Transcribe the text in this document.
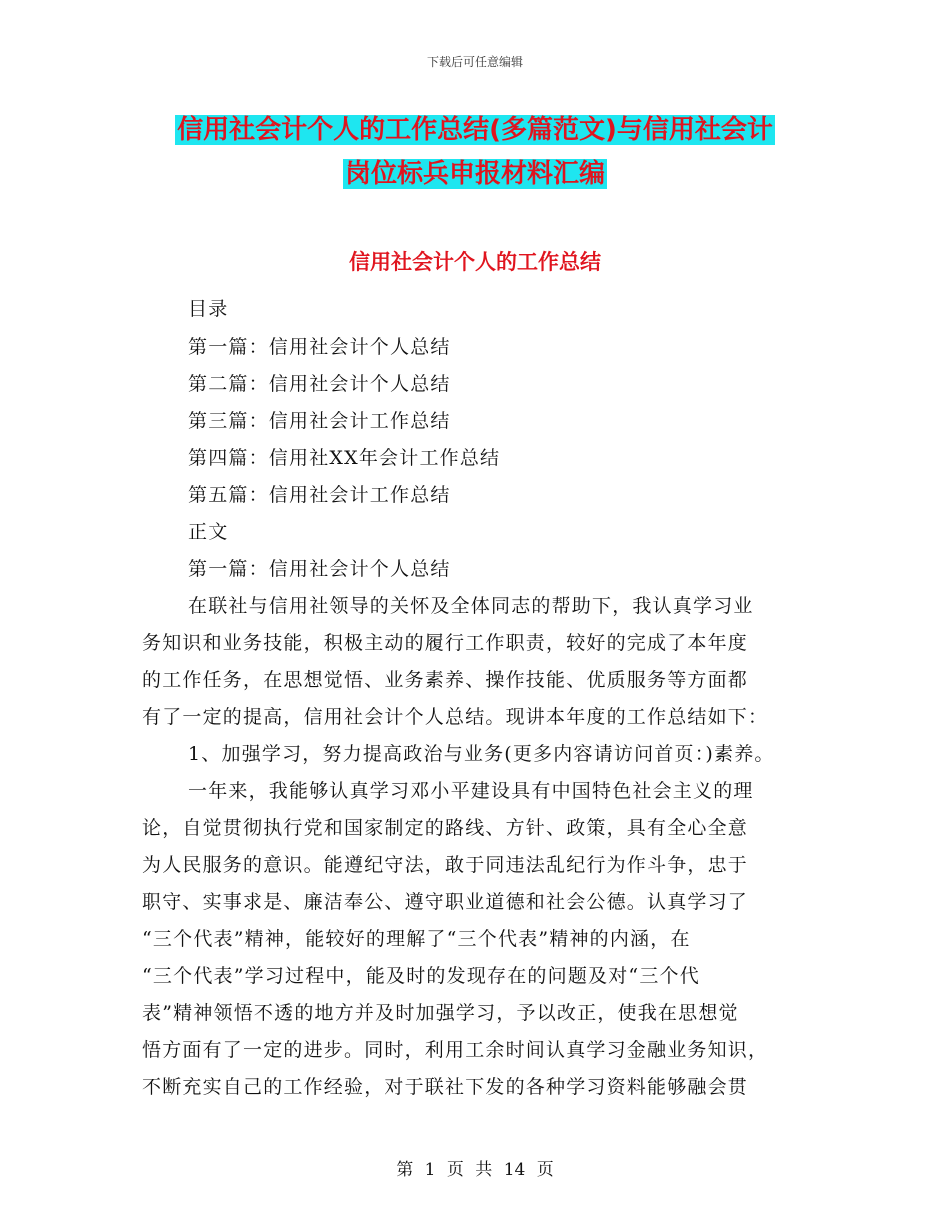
下载后可任意编辑
信用社会计个人的工作总结(多篇范文)与信用社会计
岗位标兵申报材料汇编
信用社会计个人的工作总结
目录
第一篇：信用社会计个人总结
第二篇：信用社会计个人总结
第三篇：信用社会计工作总结
第四篇：信用社XX年会计工作总结
第五篇：信用社会计工作总结
正文
第一篇：信用社会计个人总结
在联社与信用社领导的关怀及全体同志的帮助下，我认真学习业
务知识和业务技能，积极主动的履行工作职责，较好的完成了本年度
的工作任务，在思想觉悟、业务素养、操作技能、优质服务等方面都
有了一定的提高，信用社会计个人总结。现讲本年度的工作总结如下：
1、加强学习，努力提高政治与业务(更多内容请访问首页：)素养。
一年来，我能够认真学习邓小平建设具有中国特色社会主义的理
论，自觉贯彻执行党和国家制定的路线、方针、政策，具有全心全意
为人民服务的意识。能遵纪守法，敢于同违法乱纪行为作斗争，忠于
职守、实事求是、廉洁奉公、遵守职业道德和社会公德。认真学习了
“三个代表”精神，能较好的理解了“三个代表”精神的内涵，在
“三个代表”学习过程中，能及时的发现存在的问题及对“三个代
表”精神领悟不透的地方并及时加强学习，予以改正，使我在思想觉
悟方面有了一定的进步。同时，利用工余时间认真学习金融业务知识，
不断充实自己的工作经验，对于联社下发的各种学习资料能够融会贯
第 1 页 共 14 页
